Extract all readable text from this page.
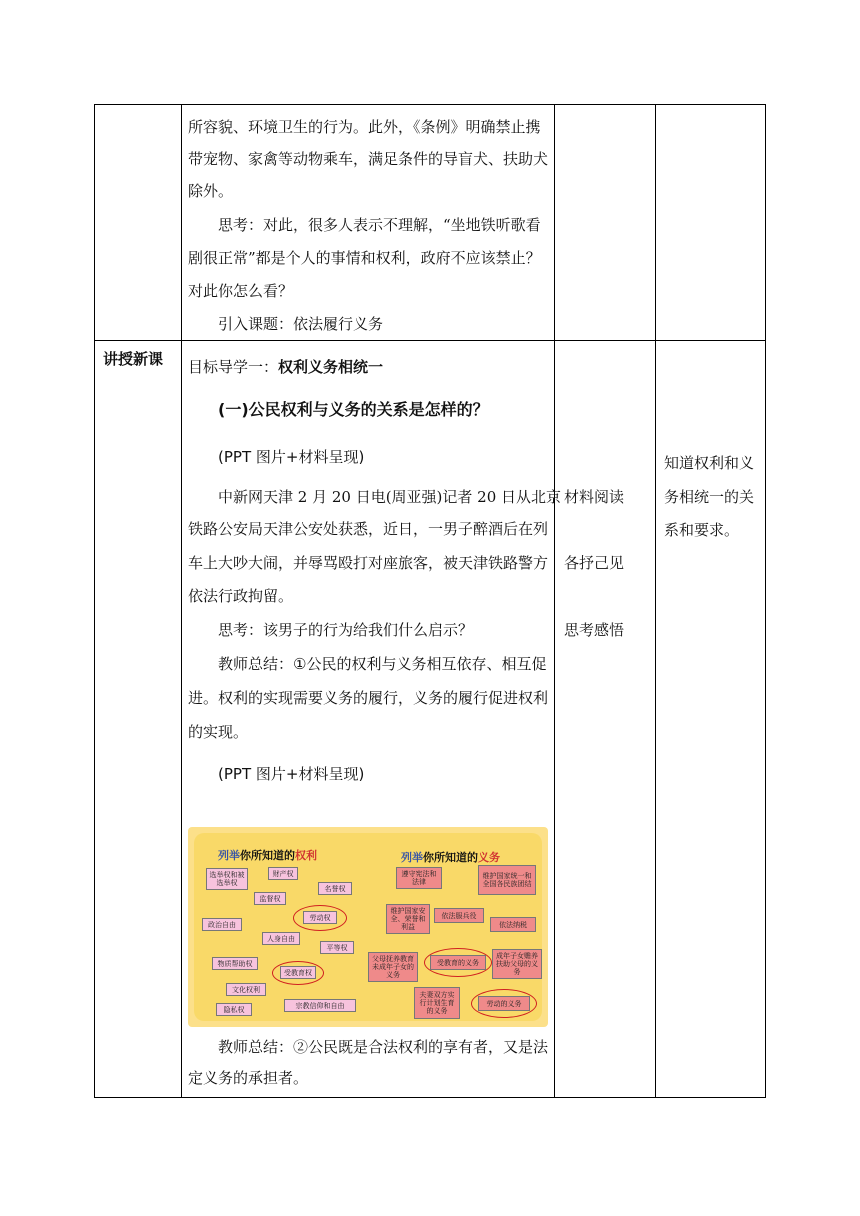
所容貌、环境卫生的行为。此外，《条例》明确禁止携
带宠物、家禽等动物乘车，满足条件的导盲犬、扶助犬
除外。
思考：对此，很多人表示不理解，“坐地铁听歌看
剧很正常”都是个人的事情和权利，政府不应该禁止？
对此你怎么看？
引入课题：依法履行义务
讲授新课 目标导学一：权利义务相统一
(一)公民权利与义务的关系是怎样的？
(PPT 图片+材料呈现)
中新网天津 2 月 20 日电(周亚强)记者 20 日从北京
铁路公安局天津公安处获悉，近日，一男子醉酒后在列
车上大吵大闹，并辱骂殴打对座旅客，被天津铁路警方
依法行政拘留。
思考：该男子的行为给我们什么启示？
教师总结：①公民的权利与义务相互依存、相互促
进。权利的实现需要义务的履行，义务的履行促进权利
的实现。
(PPT 图片+材料呈现)
列举你所知道的权利	列举你所知道的义务
选举权和被选举权
财产权
名誉权
监督权
劳动权
政治自由
人身自由
平等权
物质帮助权
受教育权
文化权利
隐私权	宗教信仰和自由
遵守宪法和法律
维护国家统一和全国各民族团结
维护国家安全、荣誉和利益
依法服兵役
依法纳税
父母抚养教育未成年子女的义务
受教育的义务
成年子女赡养扶助父母的义务
夫妻双方实行计划生育的义务
劳动的义务
教师总结：②公民既是合法权利的享有者，又是法
定义务的承担者。
材料阅读
各抒己见
思考感悟
知道权利和义
务相统一的关
系和要求。
